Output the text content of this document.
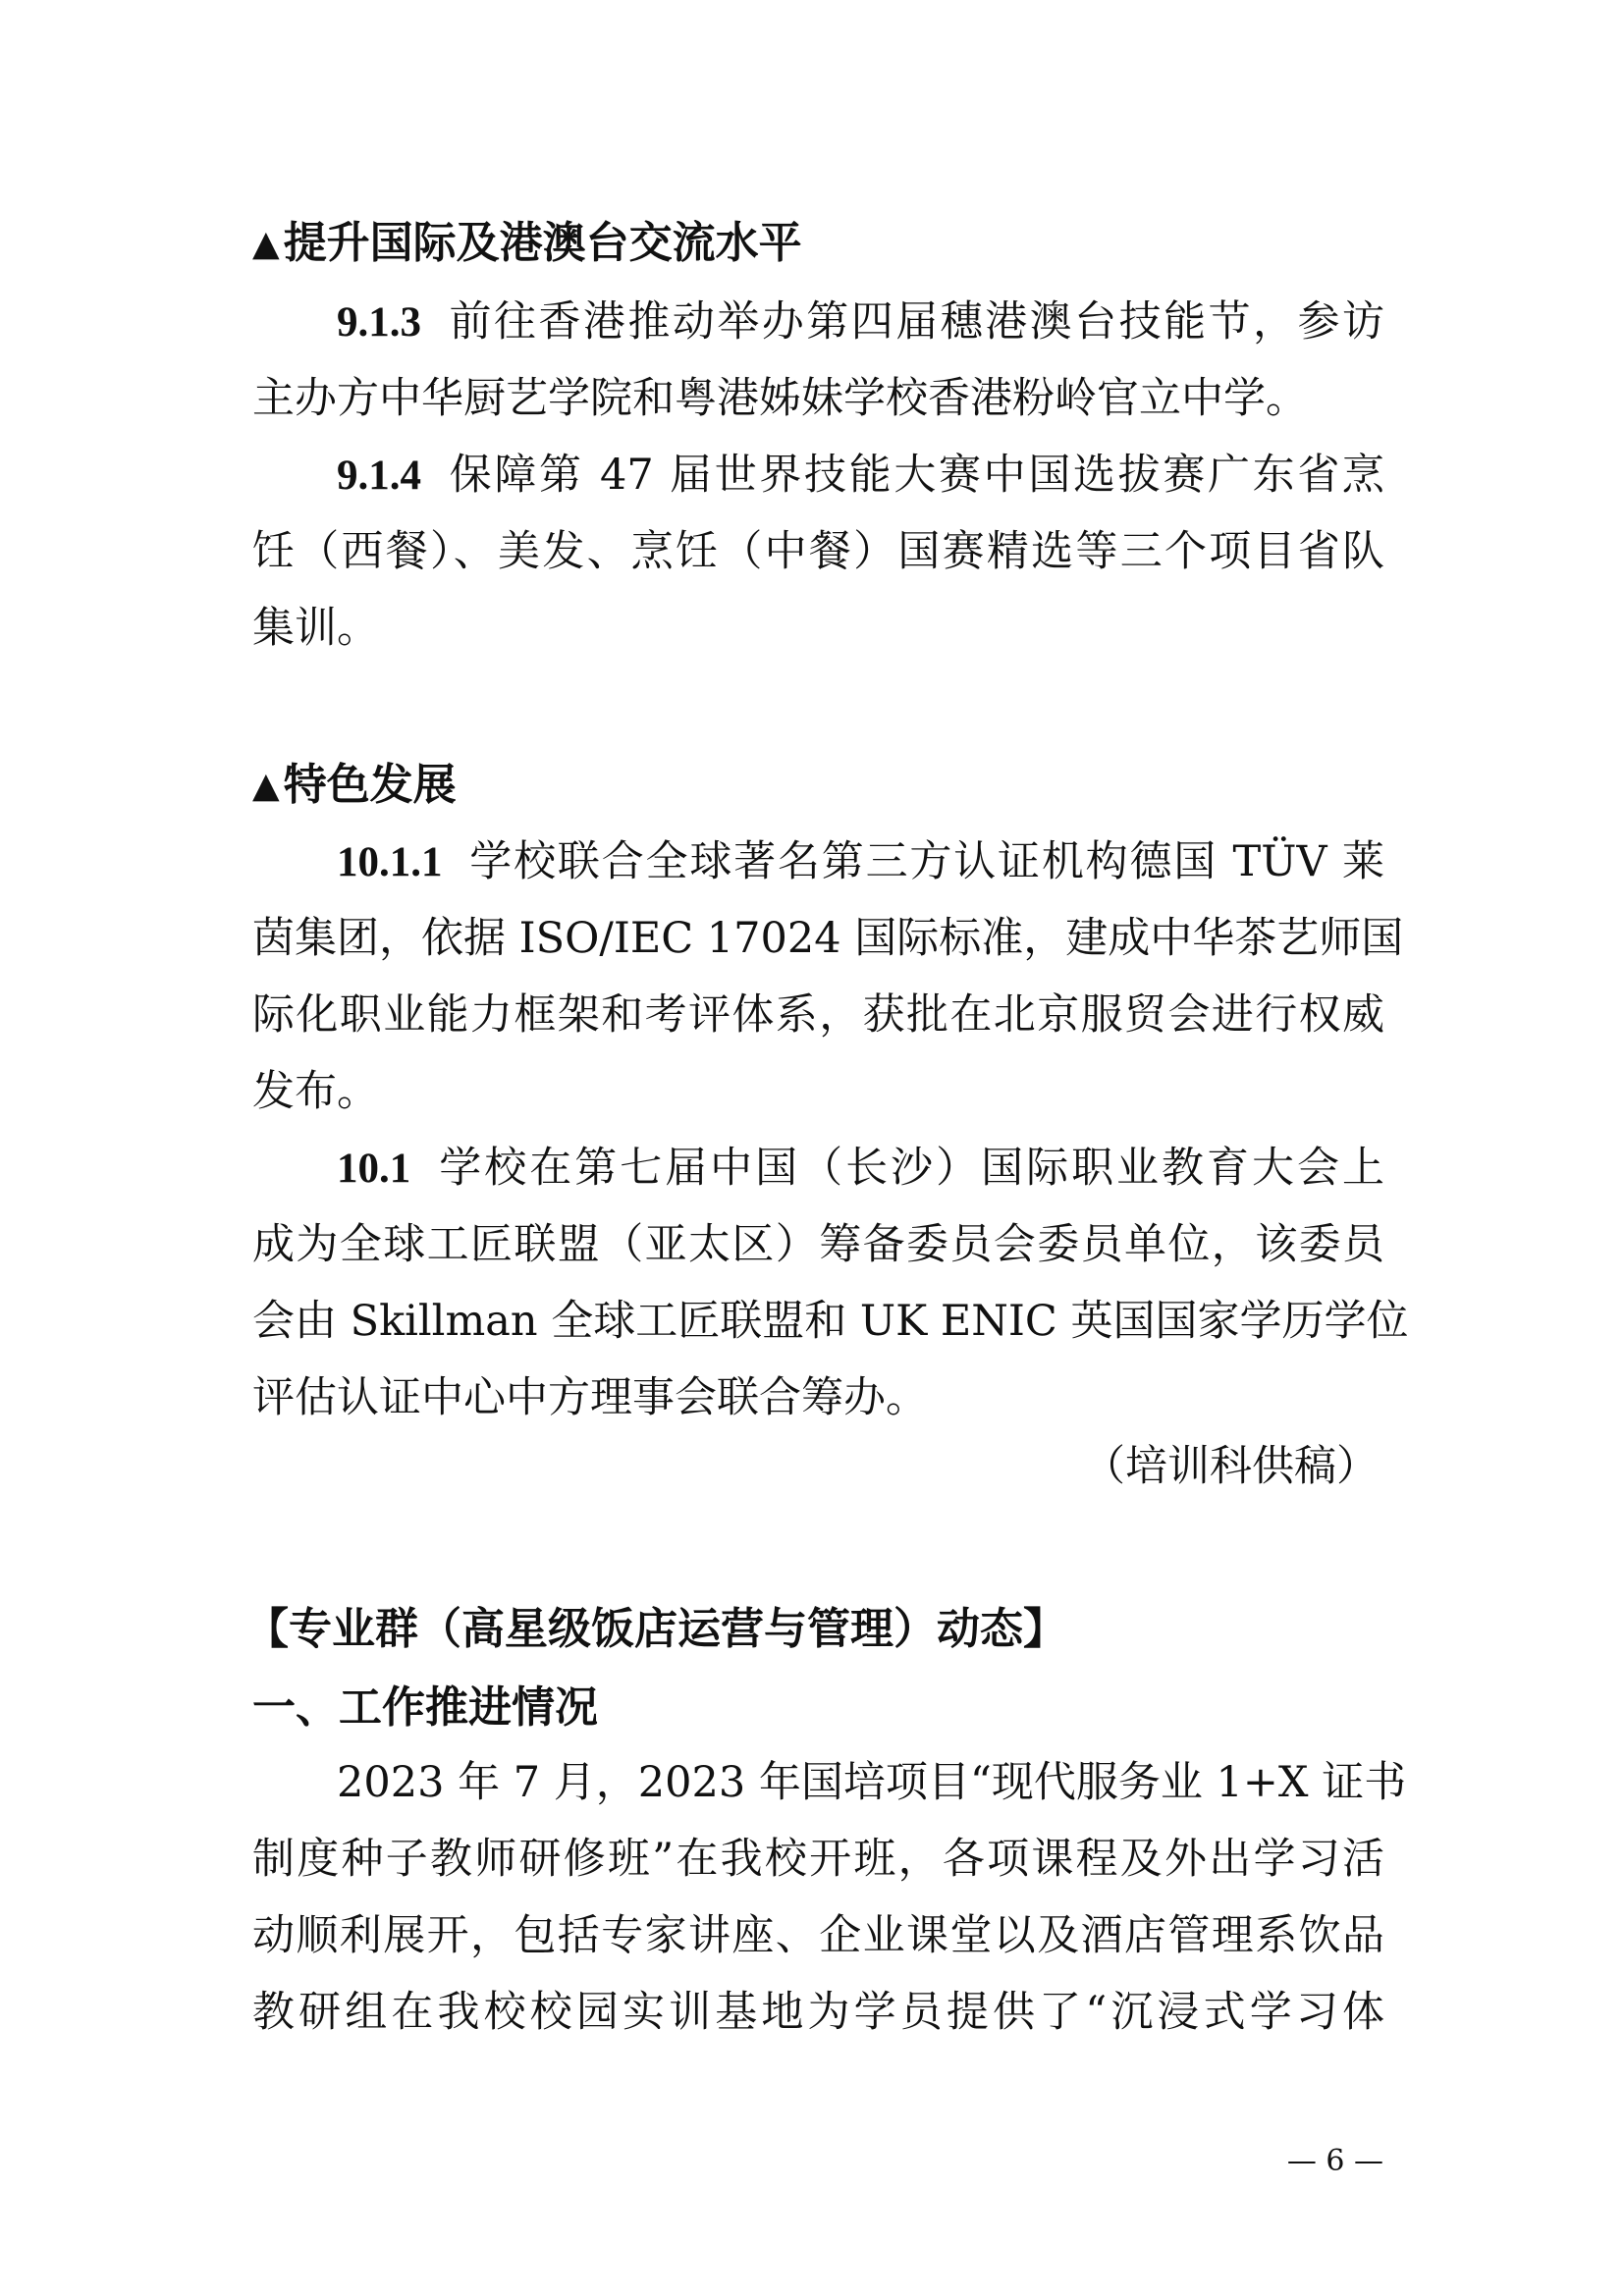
▲提升国际及港澳台交流水平
9.1.3 前往香港推动举办第四届穗港澳台技能节，参访
主办方中华厨艺学院和粤港姊妹学校香港粉岭官立中学。
9.1.4 保障第 47 届世界技能大赛中国选拔赛广东省烹
饪（西餐）、美发、烹饪（中餐）国赛精选等三个项目省队
集训。
▲特色发展
10.1.1 学校联合全球著名第三方认证机构德国 TÜV 莱
茵集团，依据 ISO/IEC 17024 国际标准，建成中华茶艺师国
际化职业能力框架和考评体系，获批在北京服贸会进行权威
发布。
10.1 学校在第七届中国（长沙）国际职业教育大会上
成为全球工匠联盟（亚太区）筹备委员会委员单位，该委员
会由 Skillman 全球工匠联盟和 UK ENIC 英国国家学历学位
评估认证中心中方理事会联合筹办。
（培训科供稿）
【专业群（高星级饭店运营与管理）动态】
一、工作推进情况
2023 年 7 月，2023 年国培项目“现代服务业 1+X 证书
制度种子教师研修班”在我校开班，各项课程及外出学习活
动顺利展开，包括专家讲座、企业课堂以及酒店管理系饮品
教研组在我校校园实训基地为学员提供了“沉浸式学习体
— 6 —
